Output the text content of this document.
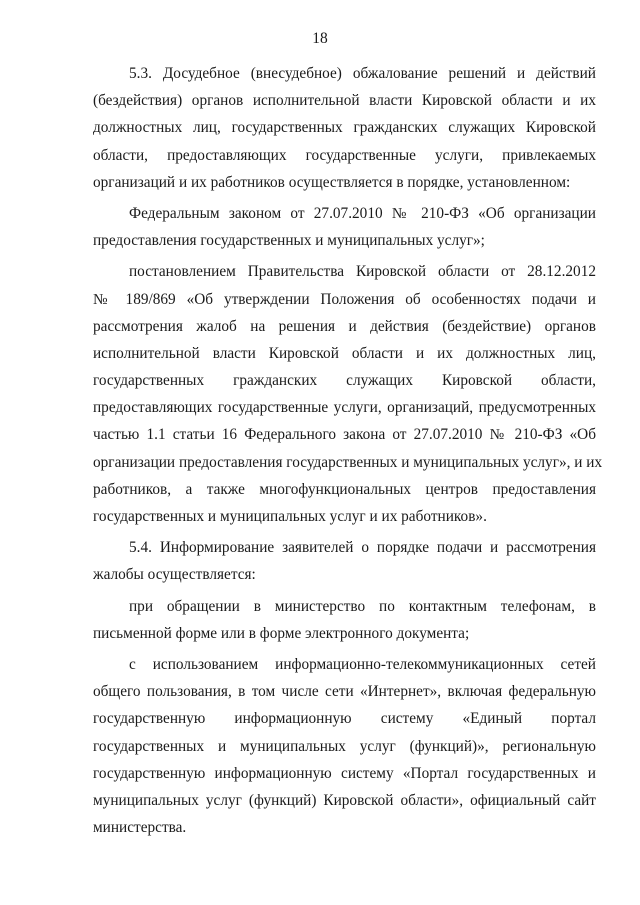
18
5.3. Досудебное (внесудебное) обжалование решений и действий
(бездействия) органов исполнительной власти Кировской области и их
должностных лиц, государственных гражданских служащих Кировской
области, предоставляющих государственные услуги, привлекаемых
организаций и их работников осуществляется в порядке, установленном:
Федеральным законом от 27.07.2010 № 210-ФЗ «Об организации
предоставления государственных и муниципальных услуг»;
постановлением Правительства Кировской области от 28.12.2012
№ 189/869 «Об утверждении Положения об особенностях подачи и
рассмотрения жалоб на решения и действия (бездействие) органов
исполнительной власти Кировской области и их должностных лиц,
государственных гражданских служащих Кировской области,
предоставляющих государственные услуги, организаций, предусмотренных
частью 1.1 статьи 16 Федерального закона от 27.07.2010 № 210-ФЗ «Об
организации предоставления государственных и муниципальных услуг», и их
работников, а также многофункциональных центров предоставления
государственных и муниципальных услуг и их работников».
5.4. Информирование заявителей о порядке подачи и рассмотрения
жалобы осуществляется:
при обращении в министерство по контактным телефонам, в
письменной форме или в форме электронного документа;
с использованием информационно-телекоммуникационных сетей
общего пользования, в том числе сети «Интернет», включая федеральную
государственную информационную систему «Единый портал
государственных и муниципальных услуг (функций)», региональную
государственную информационную систему «Портал государственных и
муниципальных услуг (функций) Кировской области», официальный сайт
министерства.
